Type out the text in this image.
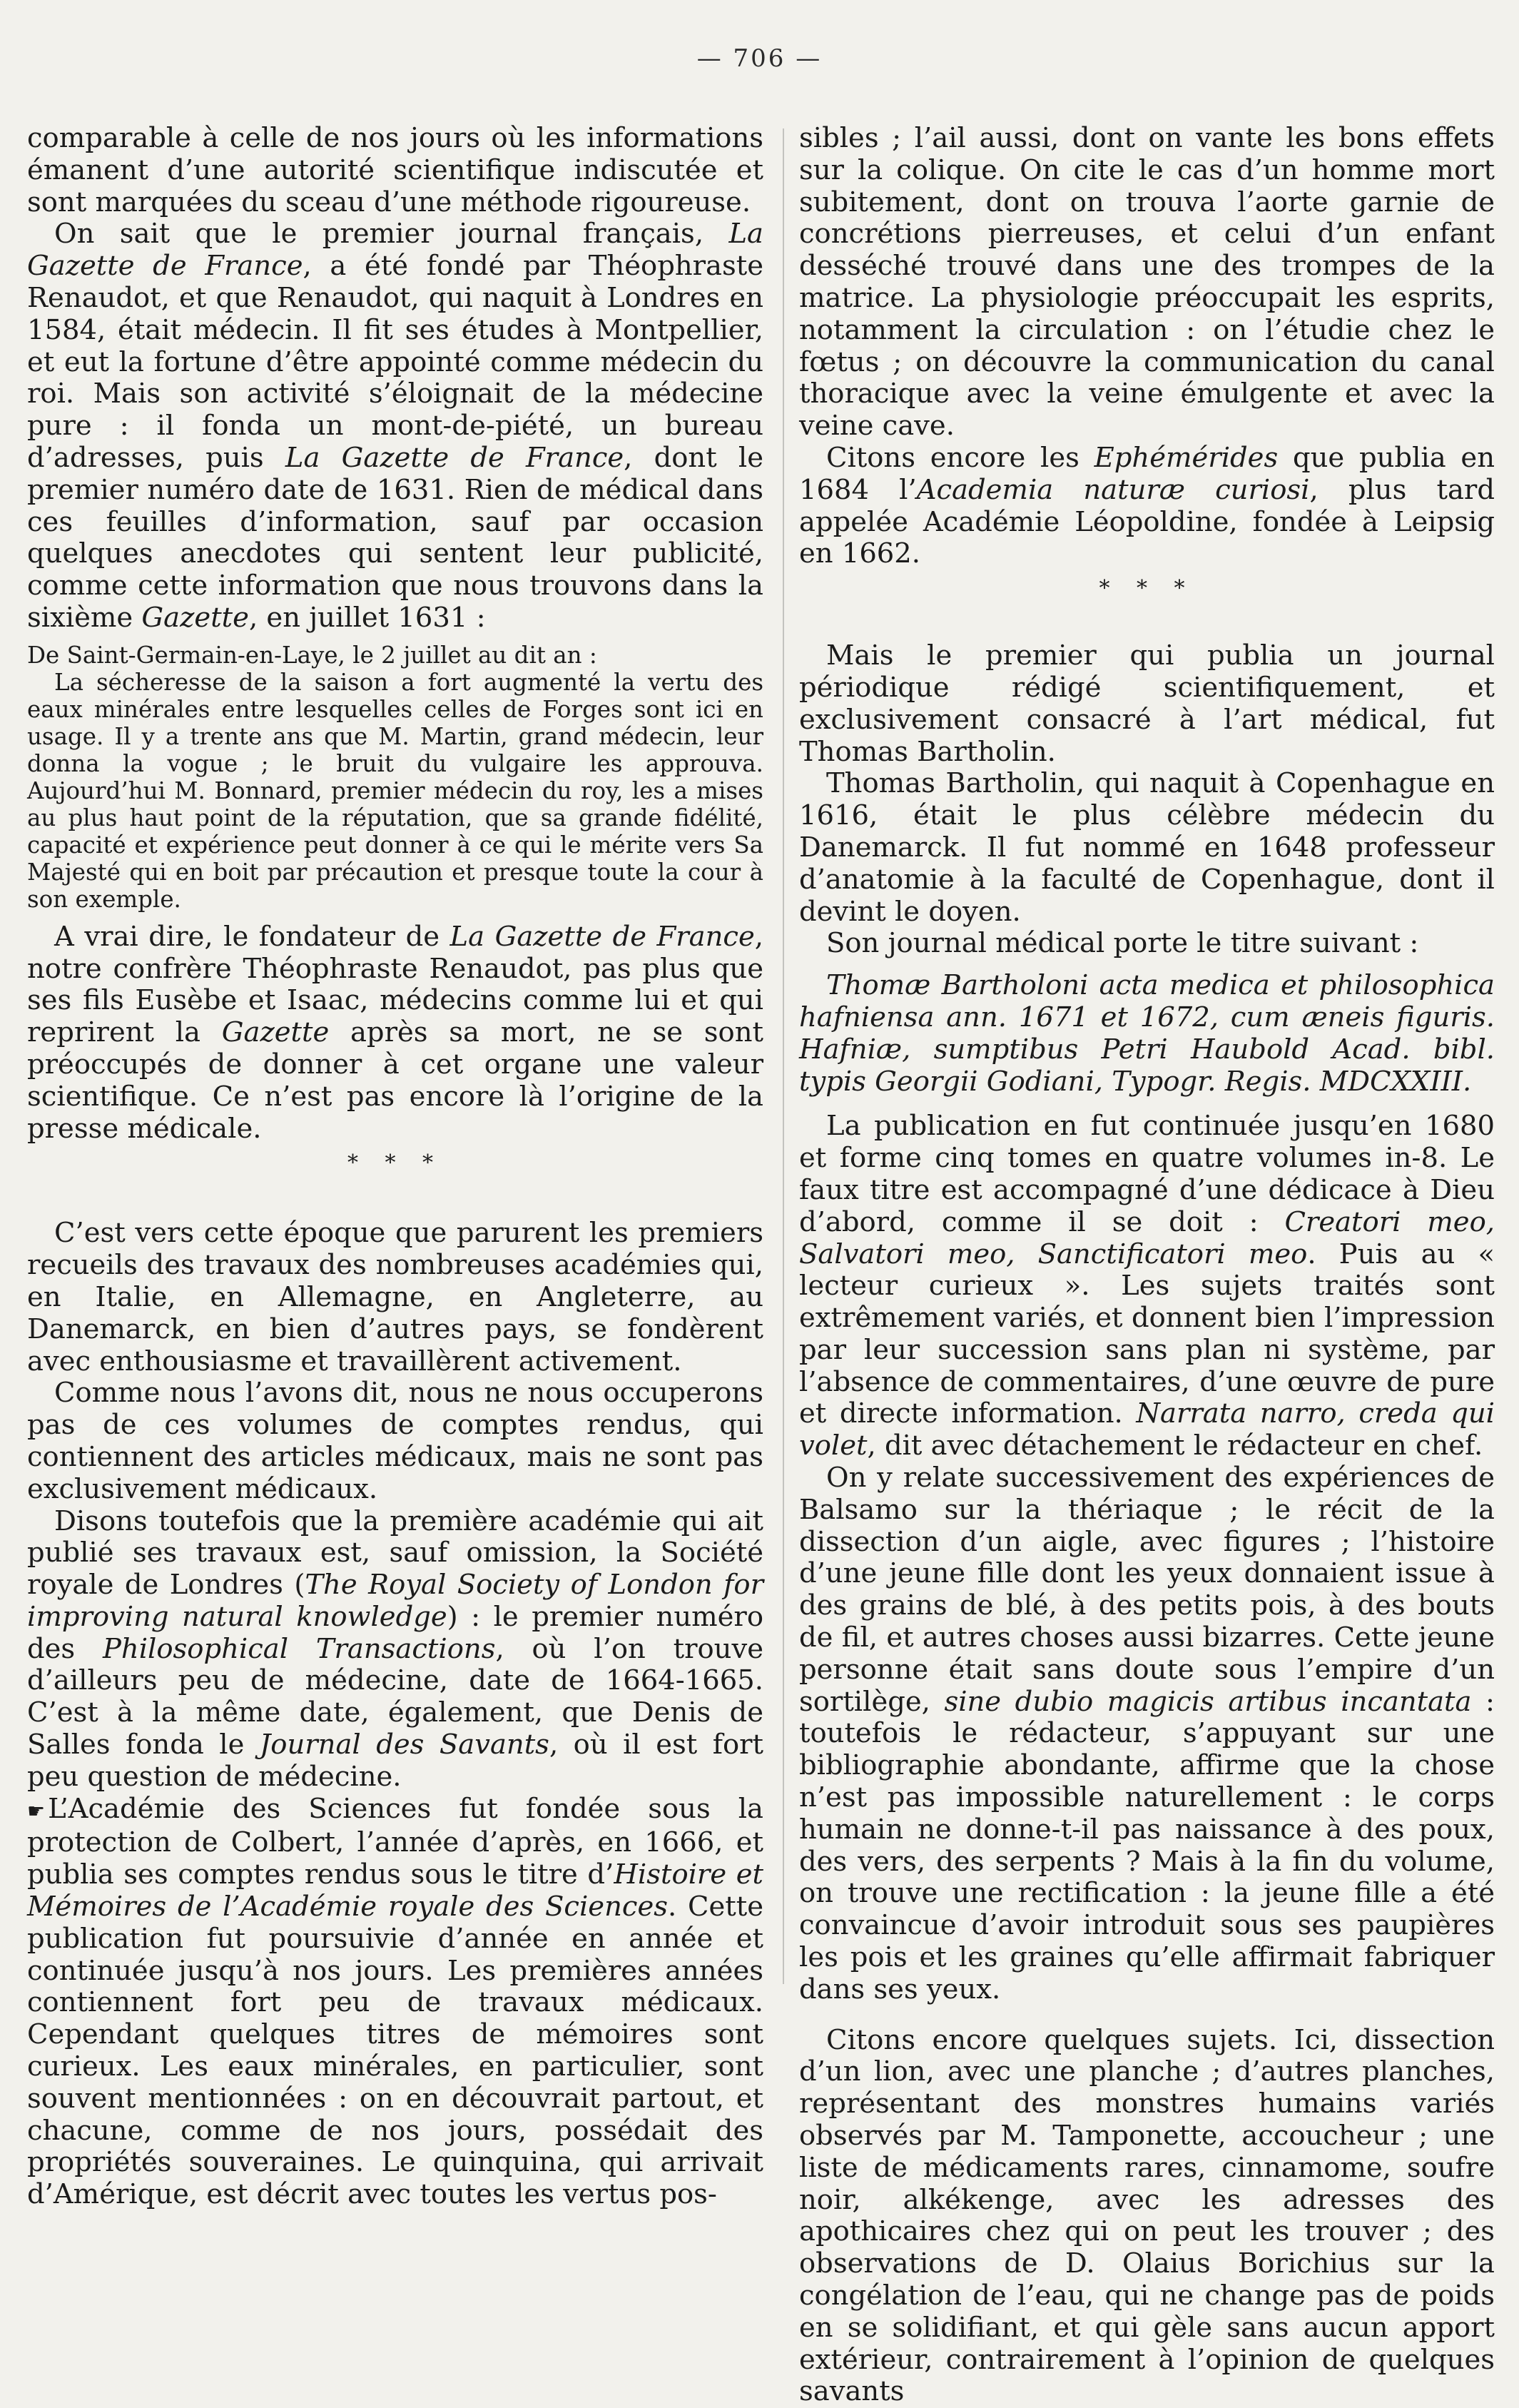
— 706 —

comparable à celle de nos jours où les informations émanent d’une autorité scientifique indiscutée et sont marquées du sceau d’une méthode rigoureuse.

On sait que le premier journal français, La Gazette de France, a été fondé par Théophraste Renaudot, et que Renaudot, qui naquit à Londres en 1584, était médecin. Il fit ses études à Montpellier, et eut la fortune d’être appointé comme médecin du roi. Mais son activité s’éloignait de la médecine pure : il fonda un mont-de-piété, un bureau d’adresses, puis La Gazette de France, dont le premier numéro date de 1631. Rien de médical dans ces feuilles d’information, sauf par occasion quelques anecdotes qui sentent leur publicité, comme cette information que nous trouvons dans la sixième Gazette, en juillet 1631 :

De Saint-Germain-en-Laye, le 2 juillet au dit an :

La sécheresse de la saison a fort augmenté la vertu des eaux minérales entre lesquelles celles de Forges sont ici en usage. Il y a trente ans que M. Martin, grand médecin, leur donna la vogue ; le bruit du vulgaire les approuva. Aujourd’hui M. Bonnard, premier médecin du roy, les a mises au plus haut point de la réputation, que sa grande fidélité, capacité et expérience peut donner à ce qui le mérite vers Sa Majesté qui en boit par précaution et presque toute la cour à son exemple.

A vrai dire, le fondateur de La Gazette de France, notre confrère Théophraste Renaudot, pas plus que ses fils Eusèbe et Isaac, médecins comme lui et qui reprirent la Gazette après sa mort, ne se sont préoccupés de donner à cet organe une valeur scientifique. Ce n’est pas encore là l’origine de la presse médicale.

* * *

C’est vers cette époque que parurent les premiers recueils des travaux des nombreuses académies qui, en Italie, en Allemagne, en Angleterre, au Danemarck, en bien d’autres pays, se fondèrent avec enthousiasme et travaillèrent activement.

Comme nous l’avons dit, nous ne nous occuperons pas de ces volumes de comptes rendus, qui contiennent des articles médicaux, mais ne sont pas exclusivement médicaux.

Disons toutefois que la première académie qui ait publié ses travaux est, sauf omission, la Société royale de Londres (The Royal Society of London for improving natural knowledge) : le premier numéro des Philosophical Transactions, où l’on trouve d’ailleurs peu de médecine, date de 1664-1665. C’est à la même date, également, que Denis de Salles fonda le Journal des Savants, où il est fort peu question de médecine.

☛ L’Académie des Sciences fut fondée sous la protection de Colbert, l’année d’après, en 1666, et publia ses comptes rendus sous le titre d’Histoire et Mémoires de l’Académie royale des Sciences. Cette publication fut poursuivie d’année en année et continuée jusqu’à nos jours. Les premières années contiennent fort peu de travaux médicaux. Cependant quelques titres de mémoires sont curieux. Les eaux minérales, en particulier, sont souvent mentionnées : on en découvrait partout, et chacune, comme de nos jours, possédait des propriétés souveraines. Le quinquina, qui arrivait d’Amérique, est décrit avec toutes les vertus pos-

sibles ; l’ail aussi, dont on vante les bons effets sur la colique. On cite le cas d’un homme mort subitement, dont on trouva l’aorte garnie de concrétions pierreuses, et celui d’un enfant desséché trouvé dans une des trompes de la matrice. La physiologie préoccupait les esprits, notamment la circulation : on l’étudie chez le fœtus ; on découvre la communication du canal thoracique avec la veine émulgente et avec la veine cave.

Citons encore les Ephémérides que publia en 1684 l’Academia naturæ curiosi, plus tard appelée Académie Léopoldine, fondée à Leipsig en 1662.

* * *

Mais le premier qui publia un journal périodique rédigé scientifiquement, et exclusivement consacré à l’art médical, fut Thomas Bartholin.

Thomas Bartholin, qui naquit à Copenhague en 1616, était le plus célèbre médecin du Danemarck. Il fut nommé en 1648 professeur d’anatomie à la faculté de Copenhague, dont il devint le doyen.

Son journal médical porte le titre suivant :

Thomæ Bartholoni acta medica et philosophica hafniensa ann. 1671 et 1672, cum æneis figuris. Hafniæ, sumptibus Petri Haubold Acad. bibl. typis Georgii Godiani, Typogr. Regis. MDCXXIII.

La publication en fut continuée jusqu’en 1680 et forme cinq tomes en quatre volumes in-8. Le faux titre est accompagné d’une dédicace à Dieu d’abord, comme il se doit : Creatori meo, Salvatori meo, Sanctificatori meo. Puis au « lecteur curieux ». Les sujets traités sont extrêmement variés, et donnent bien l’impression par leur succession sans plan ni système, par l’absence de commentaires, d’une œuvre de pure et directe information. Narrata narro, creda qui volet, dit avec détachement le rédacteur en chef.

On y relate successivement des expériences de Balsamo sur la thériaque ; le récit de la dissection d’un aigle, avec figures ; l’histoire d’une jeune fille dont les yeux donnaient issue à des grains de blé, à des petits pois, à des bouts de fil, et autres choses aussi bizarres. Cette jeune personne était sans doute sous l’empire d’un sortilège, sine dubio magicis artibus incantata : toutefois le rédacteur, s’appuyant sur une bibliographie abondante, affirme que la chose n’est pas impossible naturellement : le corps humain ne donne-t-il pas naissance à des poux, des vers, des serpents ? Mais à la fin du volume, on trouve une rectification : la jeune fille a été convaincue d’avoir introduit sous ses paupières les pois et les graines qu’elle affirmait fabriquer dans ses yeux.

Citons encore quelques sujets. Ici, dissection d’un lion, avec une planche ; d’autres planches, représentant des monstres humains variés observés par M. Tamponette, accoucheur ; une liste de médicaments rares, cinnamome, soufre noir, alkékenge, avec les adresses des apothicaires chez qui on peut les trouver ; des observations de D. Olaius Borichius sur la congélation de l’eau, qui ne change pas de poids en se solidifiant, et qui gèle sans aucun apport extérieur, contrairement à l’opinion de quelques savants
